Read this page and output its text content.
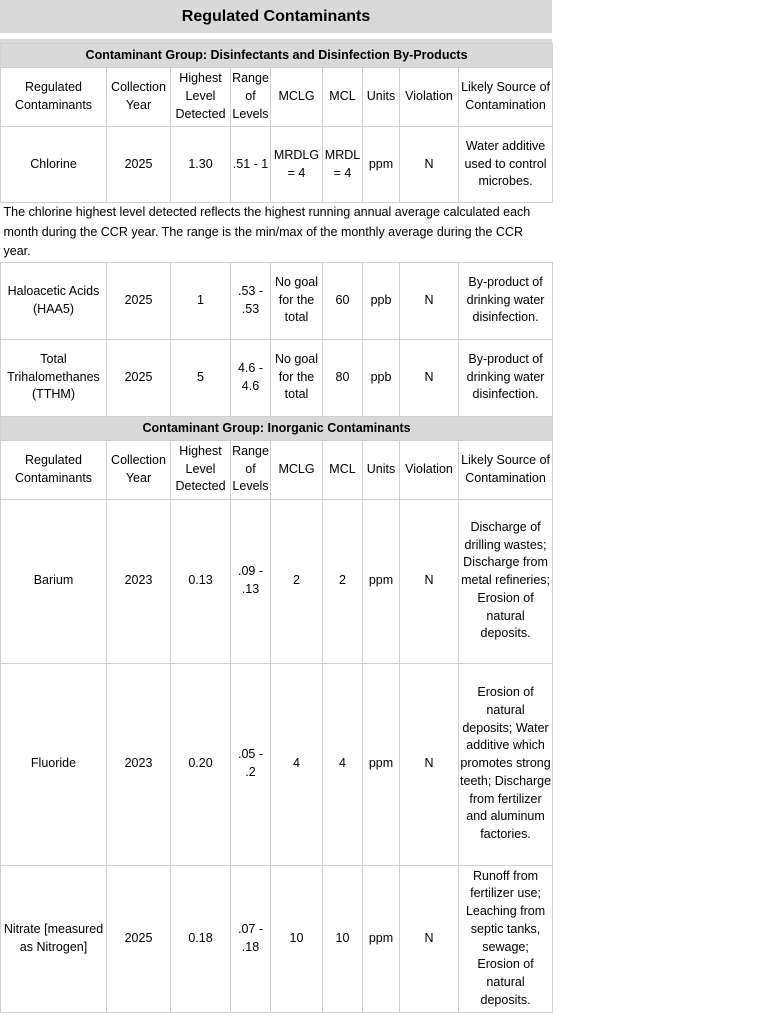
Regulated Contaminants
Contaminant Group: Disinfectants and Disinfection By-Products								
Regulated Contaminants	Collection Year	Highest Level Detected	Range of Levels	MCLG	MCL	Units	Violation	Likely Source of Contamination
Chlorine	2025	1.30	.51 - 1	MRDLG = 4	MRDL = 4	ppm	N	Water additive used to control microbes.
The chlorine highest level detected reflects the highest running annual average calculated each month during the CCR year. The range is the min/max of the monthly average during the CCR year.								
Haloacetic Acids (HAA5)	2025	1	.53 - .53	No goal for the total	60	ppb	N	By-product of drinking water disinfection.
Total Trihalomethanes (TTHM)	2025	5	4.6 - 4.6	No goal for the total	80	ppb	N	By-product of drinking water disinfection.
Contaminant Group: Inorganic Contaminants								
Regulated Contaminants	Collection Year	Highest Level Detected	Range of Levels	MCLG	MCL	Units	Violation	Likely Source of Contamination
Barium	2023	0.13	.09 - .13	2	2	ppm	N	Discharge of drilling wastes; Discharge from metal refineries; Erosion of natural deposits.
Fluoride	2023	0.20	.05 - .2	4	4	ppm	N	Erosion of natural deposits; Water additive which promotes strong teeth; Discharge from fertilizer and aluminum factories.
Nitrate [measured as Nitrogen]	2025	0.18	.07 - .18	10	10	ppm	N	Runoff from fertilizer use; Leaching from septic tanks, sewage; Erosion of natural deposits.
